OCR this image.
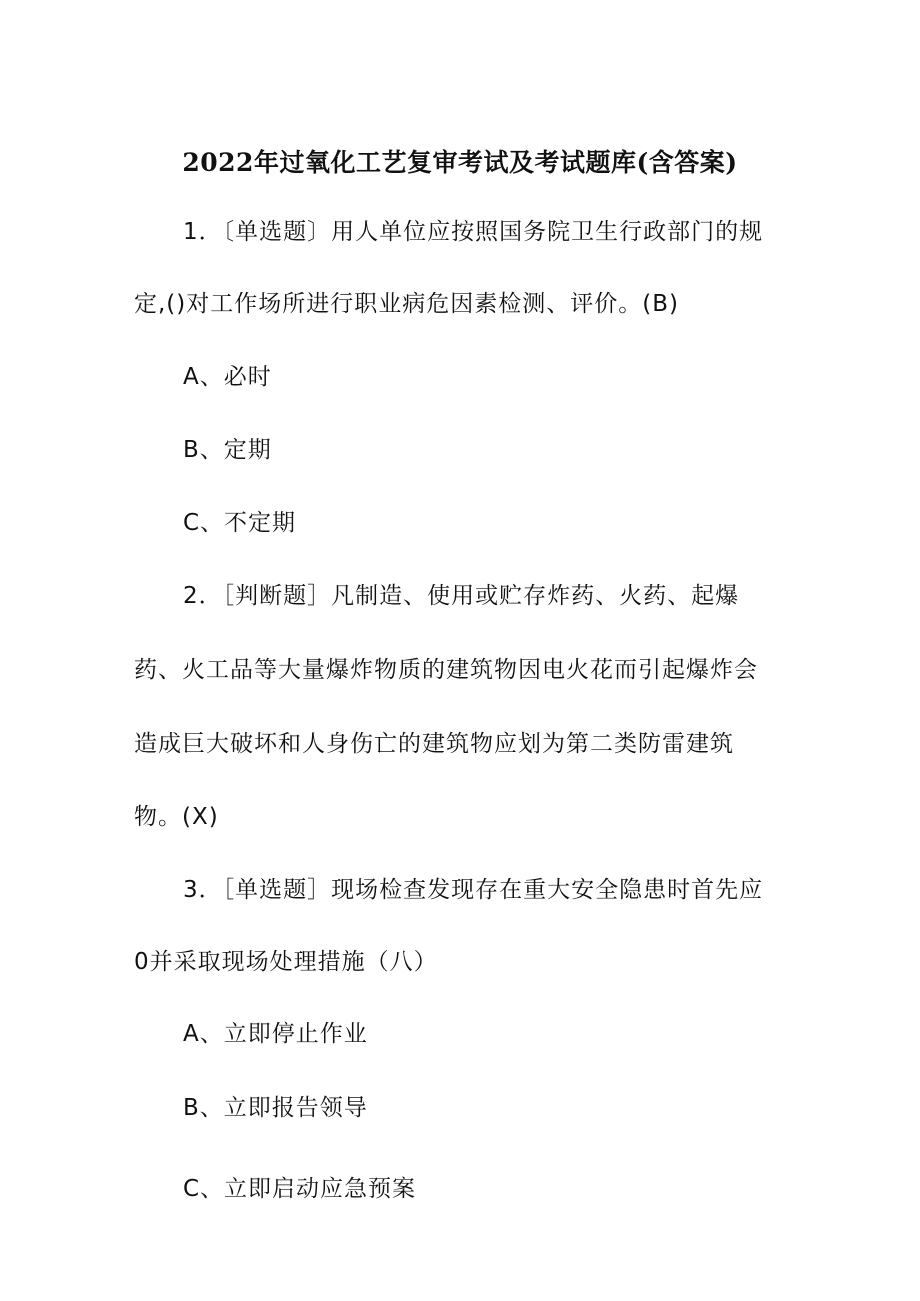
2022年过氧化工艺复审考试及考试题库(含答案)
1．〔单选题〕用人单位应按照国务院卫生行政部门的规
定,()对工作场所进行职业病危因素检测、评价。(B)
A、必时
B、定期
C、不定期
2．［判断题］凡制造、使用或贮存炸药、火药、起爆
药、火工品等大量爆炸物质的建筑物因电火花而引起爆炸会
造成巨大破坏和人身伤亡的建筑物应划为第二类防雷建筑
物。(X)
3．［单选题］现场检查发现存在重大安全隐患时首先应
0并采取现场处理措施（八）
A、立即停止作业
B、立即报告领导
C、立即启动应急预案
